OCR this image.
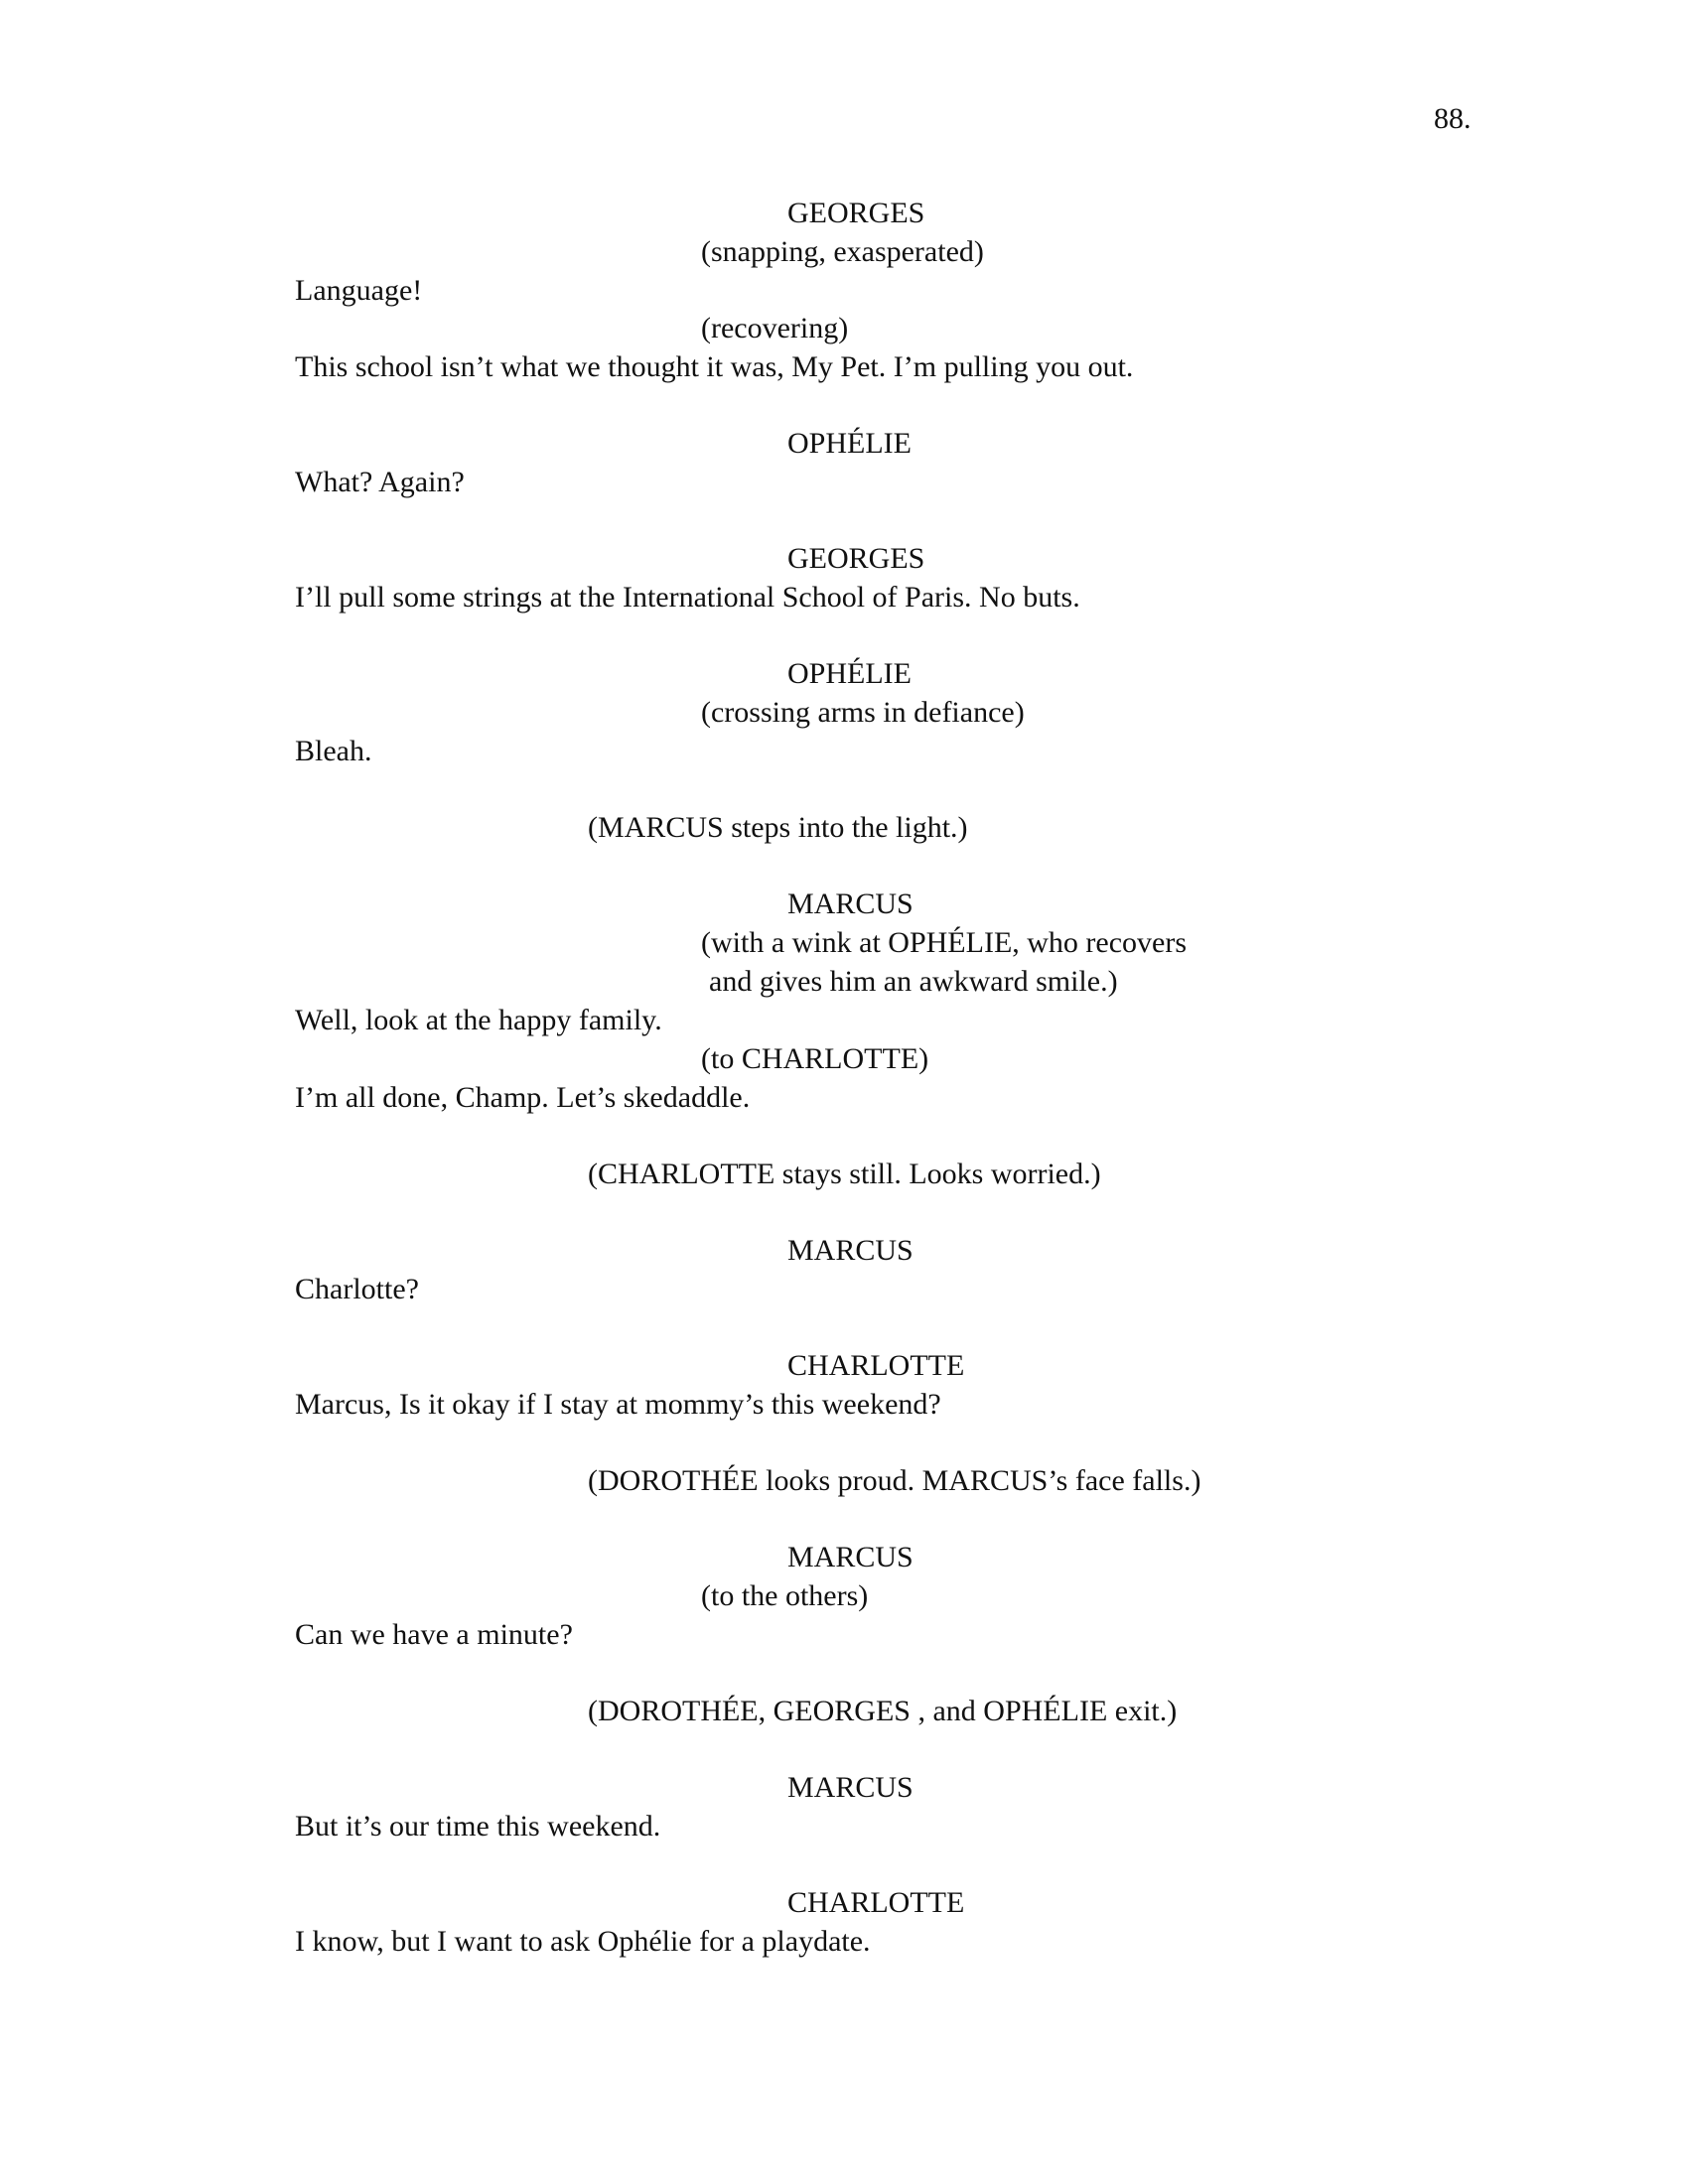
88.
GEORGES
(snapping, exasperated)
Language!
(recovering)
This school isn’t what we thought it was, My Pet. I’m pulling you out.
OPHÉLIE
What? Again?
GEORGES
I’ll pull some strings at the International School of Paris. No buts.
OPHÉLIE
(crossing arms in defiance)
Bleah.
(MARCUS steps into the light.)
MARCUS
(with a wink at OPHÉLIE, who recovers
and gives him an awkward smile.)
Well, look at the happy family.
(to CHARLOTTE)
I’m all done, Champ. Let’s skedaddle.
(CHARLOTTE stays still. Looks worried.)
MARCUS
Charlotte?
CHARLOTTE
Marcus, Is it okay if I stay at mommy’s this weekend?
(DOROTHÉE looks proud. MARCUS’s face falls.)
MARCUS
(to the others)
Can we have a minute?
(DOROTHÉE, GEORGES , and OPHÉLIE exit.)
MARCUS
But it’s our time this weekend.
CHARLOTTE
I know, but I want to ask Ophélie for a playdate.
